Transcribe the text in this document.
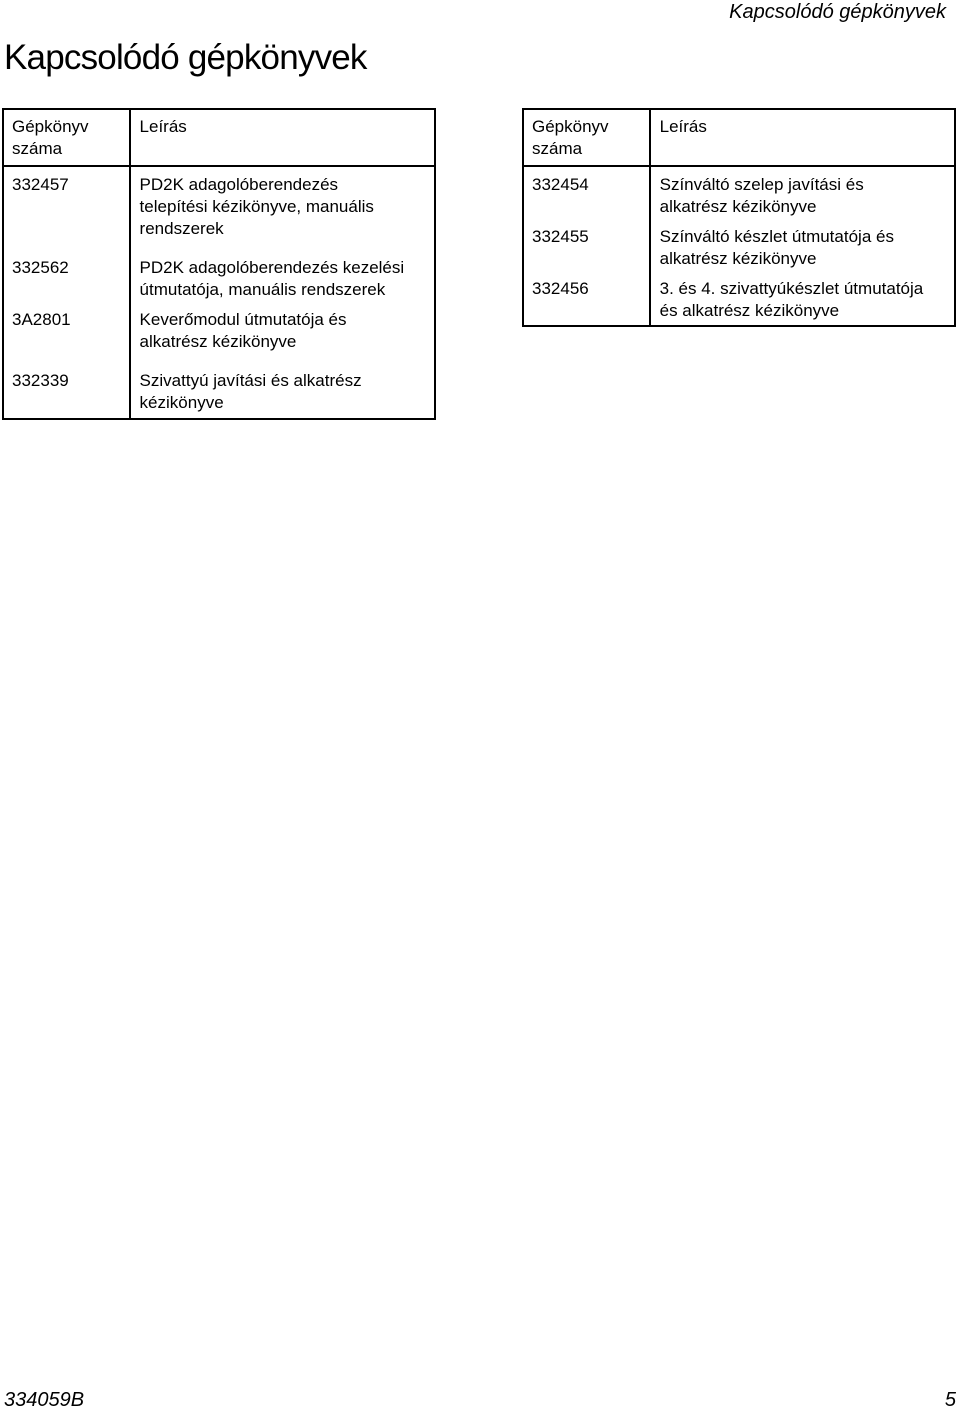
Kapcsolódó gépkönyvek
Kapcsolódó gépkönyvek
Gépkönyv
száma	Leírás
332457	PD2K adagolóberendezés
telepítési kézikönyve, manuális
rendszerek
332562	PD2K adagolóberendezés kezelési
útmutatója, manuális rendszerek
3A2801	Keverőmodul útmutatója és
alkatrész kézikönyve
332339	Szivattyú javítási és alkatrész
kézikönyve
Gépkönyv
száma	Leírás
332454	Színváltó szelep javítási és
alkatrész kézikönyve
332455	Színváltó készlet útmutatója és
alkatrész kézikönyve
332456	3. és 4. szivattyúkészlet útmutatója
és alkatrész kézikönyve
334059B	5
